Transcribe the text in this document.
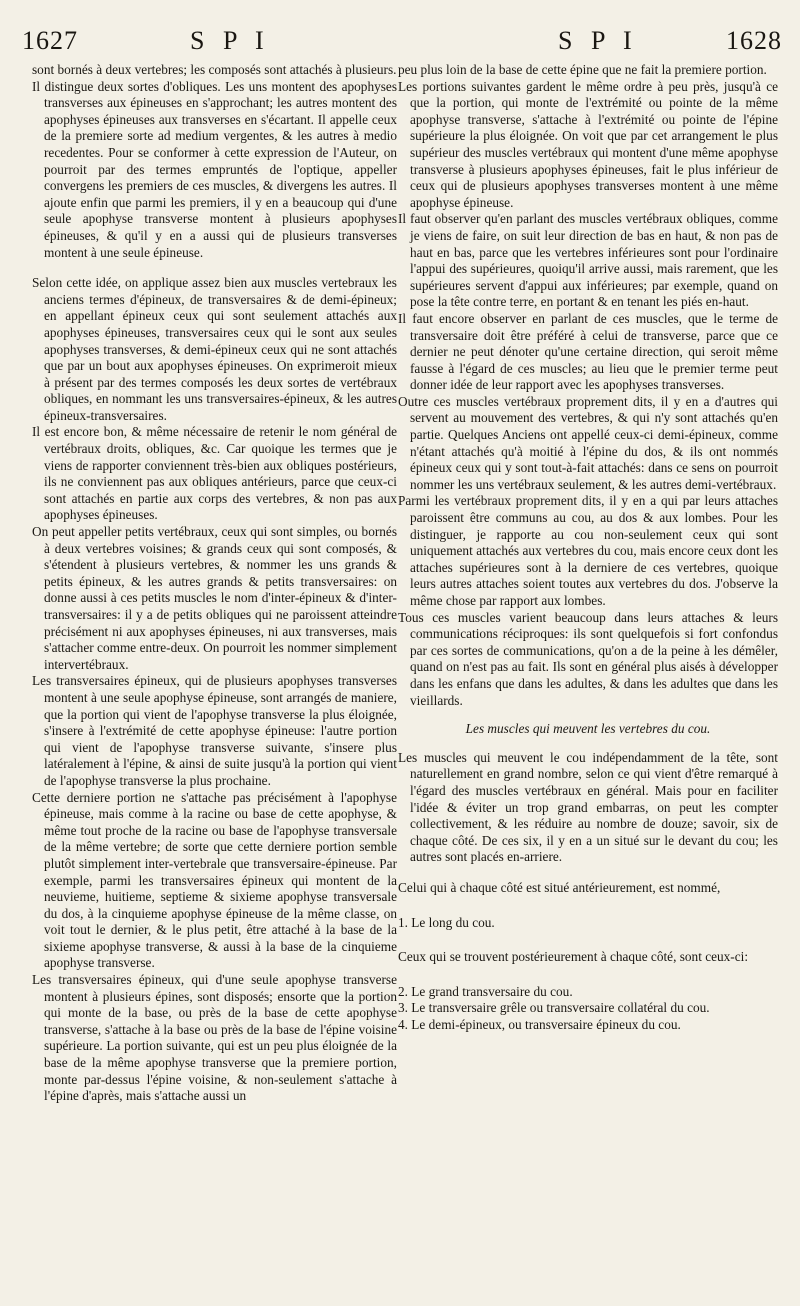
1627	S P I	S P I	1628

sont bornés à deux vertebres; les composés sont attachés à plusieurs.

Il distingue deux sortes d'obliques. Les uns montent des apophyses transverses aux épineuses en s'approchant; les autres montent des apophyses épineuses aux transverses en s'écartant. Il appelle ceux de la premiere sorte ad medium vergentes, & les autres à medio recedentes. Pour se conformer à cette expression de l'Auteur, on pourroit par des termes empruntés de l'optique, appeller convergens les premiers de ces muscles, & divergens les autres. Il ajoute enfin que parmi les premiers, il y en a beaucoup qui d'une seule apophyse transverse montent à plusieurs apophyses épineuses, & qu'il y en a aussi qui de plusieurs transverses montent à une seule épineuse.

Selon cette idée, on applique assez bien aux muscles vertebraux les anciens termes d'épineux, de transversaires & de demi-épineux; en appellant épineux ceux qui sont seulement attachés aux apophyses épineuses, transversaires ceux qui le sont aux seules apophyses transverses, & demi-épineux ceux qui ne sont attachés que par un bout aux apophyses épineuses. On exprimeroit mieux à présent par des termes composés les deux sortes de vertébraux obliques, en nommant les uns transversaires-épineux, & les autres épineux-transversaires.

Il est encore bon, & même nécessaire de retenir le nom général de vertébraux droits, obliques, &c. Car quoique les termes que je viens de rapporter conviennent très-bien aux obliques postérieurs, ils ne conviennent pas aux obliques antérieurs, parce que ceux-ci sont attachés en partie aux corps des vertebres, & non pas aux apophyses épineuses.

On peut appeller petits vertébraux, ceux qui sont simples, ou bornés à deux vertebres voisines; & grands ceux qui sont composés, & s'étendent à plusieurs vertebres, & nommer les uns grands & petits épineux, & les autres grands & petits transversaires: on donne aussi à ces petits muscles le nom d'inter-épineux & d'inter-transversaires: il y a de petits obliques qui ne paroissent atteindre précisément ni aux apophyses épineuses, ni aux transverses, mais s'attacher comme entre-deux. On pourroit les nommer simplement intervertébraux.

Les transversaires épineux, qui de plusieurs apophyses transverses montent à une seule apophyse épineuse, sont arrangés de maniere, que la portion qui vient de l'apophyse transverse la plus éloignée, s'insere à l'extrémité de cette apophyse épineuse: l'autre portion qui vient de l'apophyse transverse suivante, s'insere plus latéralement à l'épine, & ainsi de suite jusqu'à la portion qui vient de l'apophyse transverse la plus prochaine.

Cette derniere portion ne s'attache pas précisément à l'apophyse épineuse, mais comme à la racine ou base de cette apophyse, & même tout proche de la racine ou base de l'apophyse transversale de la même vertebre; de sorte que cette derniere portion semble plutôt simplement inter-vertebrale que transversaire-épineuse. Par exemple, parmi les transversaires épineux qui montent de la neuvieme, huitieme, septieme & sixieme apophyse transversale du dos, à la cinquieme apophyse épineuse de la même classe, on voit tout le dernier, & le plus petit, être attaché à la base de la sixieme apophyse transverse, & aussi à la base de la cinquieme apophyse transverse.

Les transversaires épineux, qui d'une seule apophyse transverse montent à plusieurs épines, sont disposés; ensorte que la portion qui monte de la base, ou près de la base de cette apophyse transverse, s'attache à la base ou près de la base de l'épine voisine supérieure. La portion suivante, qui est un peu plus éloignée de la base de la même apophyse transverse que la premiere portion, monte par-dessus l'épine voisine, & non-seulement s'attache à l'épine d'après, mais s'attache aussi un

peu plus loin de la base de cette épine que ne fait la premiere portion.

Les portions suivantes gardent le même ordre à peu près, jusqu'à ce que la portion, qui monte de l'extrémité ou pointe de la même apophyse transverse, s'attache à l'extrémité ou pointe de l'épine supérieure la plus éloignée. On voit que par cet arrangement le plus supérieur des muscles vertébraux qui montent d'une même apophyse transverse à plusieurs apophyses épineuses, fait le plus inférieur de ceux qui de plusieurs apophyses transverses montent à une même apophyse épineuse.

Il faut observer qu'en parlant des muscles vertébraux obliques, comme je viens de faire, on suit leur direction de bas en haut, & non pas de haut en bas, parce que les vertebres inférieures sont pour l'ordinaire l'appui des supérieures, quoiqu'il arrive aussi, mais rarement, que les supérieures servent d'appui aux inférieures; par exemple, quand on pose la tête contre terre, en portant & en tenant les piés en-haut.

Il faut encore observer en parlant de ces muscles, que le terme de transversaire doit être préféré à celui de transverse, parce que ce dernier ne peut dénoter qu'une certaine direction, qui seroit même fausse à l'égard de ces muscles; au lieu que le premier terme peut donner idée de leur rapport avec les apophyses transverses.

Outre ces muscles vertébraux proprement dits, il y en a d'autres qui servent au mouvement des vertebres, & qui n'y sont attachés qu'en partie. Quelques Anciens ont appellé ceux-ci demi-épineux, comme n'étant attachés qu'à moitié à l'épine du dos, & ils ont nommés épineux ceux qui y sont tout-à-fait attachés: dans ce sens on pourroit nommer les uns vertébraux seulement, & les autres demi-vertébraux.

Parmi les vertébraux proprement dits, il y en a qui par leurs attaches paroissent être communs au cou, au dos & aux lombes. Pour les distinguer, je rapporte au cou non-seulement ceux qui sont uniquement attachés aux vertebres du cou, mais encore ceux dont les attaches supérieures sont à la derniere de ces vertebres, quoique leurs autres attaches soient toutes aux vertebres du dos. J'observe la même chose par rapport aux lombes.

Tous ces muscles varient beaucoup dans leurs attaches & leurs communications réciproques: ils sont quelquefois si fort confondus par ces sortes de communications, qu'on a de la peine à les démêler, quand on n'est pas au fait. Ils sont en général plus aisés à développer dans les enfans que dans les adultes, & dans les adultes que dans les vieillards.

Les muscles qui meuvent les vertebres du cou.

Les muscles qui meuvent le cou indépendamment de la tête, sont naturellement en grand nombre, selon ce qui vient d'être remarqué à l'égard des muscles vertébraux en général. Mais pour en faciliter l'idée & éviter un trop grand embarras, on peut les compter collectivement, & les réduire au nombre de douze; savoir, six de chaque côté. De ces six, il y en a un situé sur le devant du cou; les autres sont placés en-arriere.

Celui qui à chaque côté est situé antérieurement, est nommé,

1. Le long du cou.

Ceux qui se trouvent postérieurement à chaque côté, sont ceux-ci:

2. Le grand transversaire du cou.

3. Le transversaire grêle ou transversaire collatéral du cou.

4. Le demi-épineux, ou transversaire épineux du cou.
